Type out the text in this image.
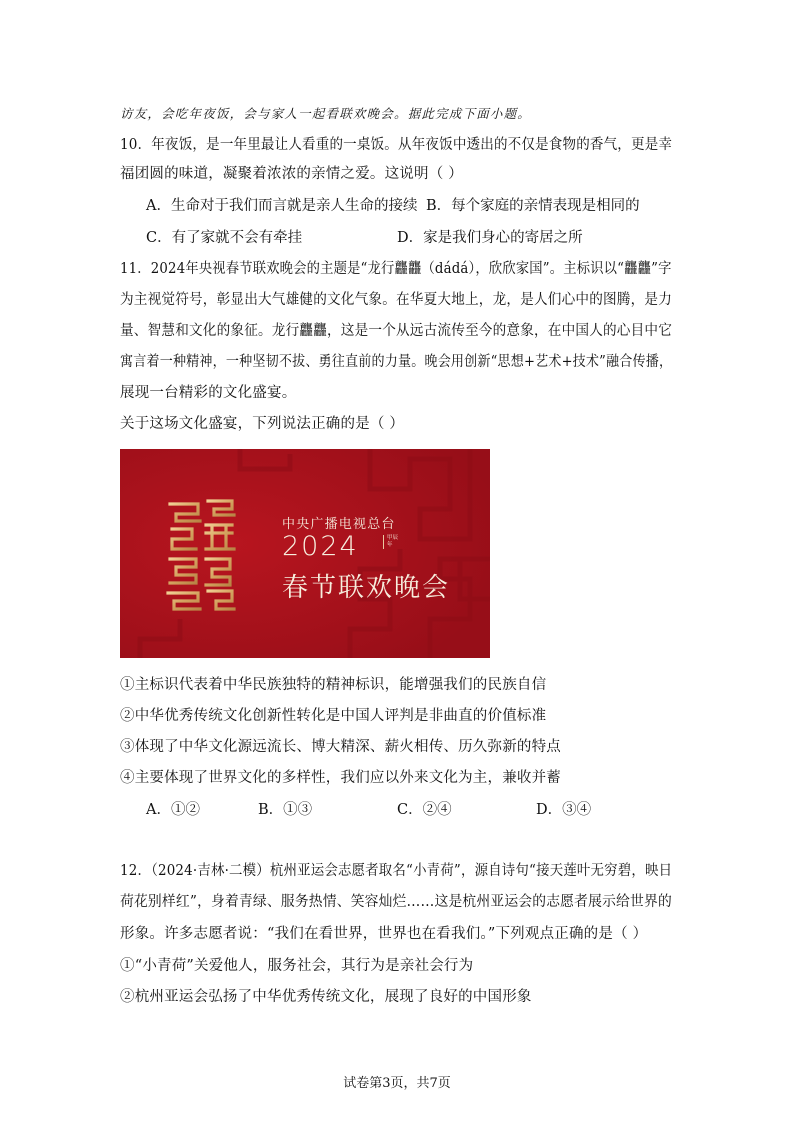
访友，会吃年夜饭，会与家人一起看联欢晚会。据此完成下面小题。
10．年夜饭，是一年里最让人看重的一桌饭。从年夜饭中透出的不仅是食物的香气，更是幸
福团圆的味道，凝聚着浓浓的亲情之爱。这说明（ ）
A．生命对于我们而言就是亲人生命的接续 B．每个家庭的亲情表现是相同的
C．有了家就不会有牵挂	D．家是我们身心的寄居之所
11．2024年央视春节联欢晚会的主题是“龙行龘龘（dádá），欣欣家国”。主标识以“龘龘”字
为主视觉符号，彰显出大气雄健的文化气象。在华夏大地上，龙，是人们心中的图腾，是力
量、智慧和文化的象征。龙行龘龘，这是一个从远古流传至今的意象，在中国人的心目中它
寓言着一种精神，一种坚韧不拔、勇往直前的力量。晚会用创新“思想+艺术+技术”融合传播，
展现一台精彩的文化盛宴。
关于这场文化盛宴，下列说法正确的是（ ）
中央广播电视总台
2024	甲辰年
春节联欢晚会
①主标识代表着中华民族独特的精神标识，能增强我们的民族自信
②中华优秀传统文化创新性转化是中国人评判是非曲直的价值标准
③体现了中华文化源远流长、博大精深、薪火相传、历久弥新的特点
④主要体现了世界文化的多样性，我们应以外来文化为主，兼收并蓄
A．①②	B．①③	C．②④	D．③④
12．（2024·吉林·二模）杭州亚运会志愿者取名“小青荷”，源自诗句“接天莲叶无穷碧，映日
荷花别样红”，身着青绿、服务热情、笑容灿烂……这是杭州亚运会的志愿者展示给世界的
形象。许多志愿者说：“我们在看世界，世界也在看我们。”下列观点正确的是（ ）
①“小青荷”关爱他人，服务社会，其行为是亲社会行为
②杭州亚运会弘扬了中华优秀传统文化，展现了良好的中国形象
试卷第3页，共7页
